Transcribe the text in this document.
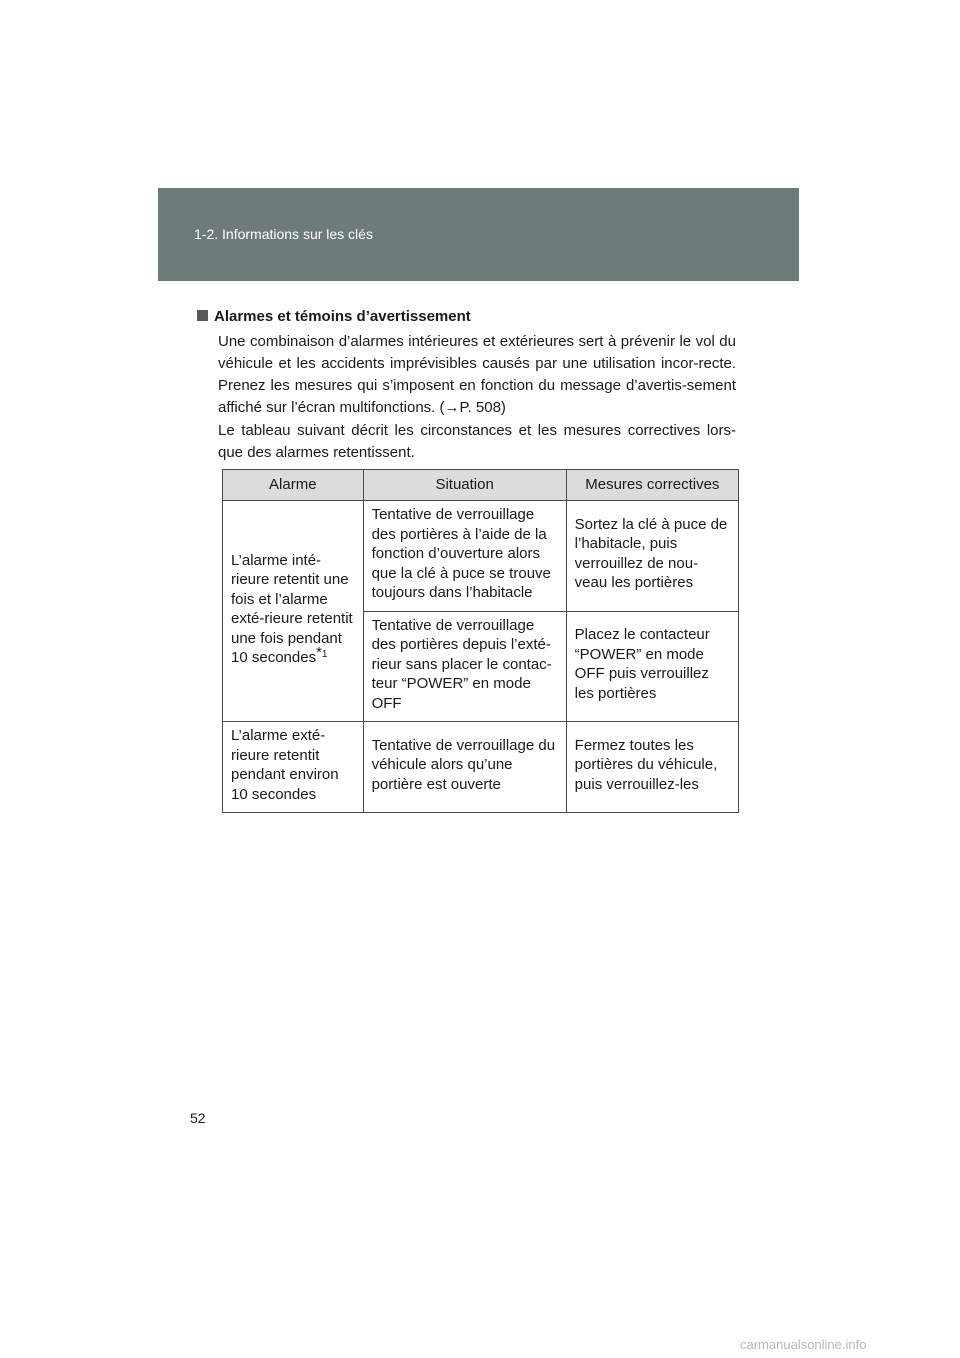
1-2. Informations sur les clés
Alarmes et témoins d’avertissement

Une combinaison d’alarmes intérieures et extérieures sert à prévenir le vol du véhicule et les accidents imprévisibles causés par une utilisation incor-recte. Prenez les mesures qui s’imposent en fonction du message d’avertis-sement affiché sur l’écran multifonctions. (→P. 508)

Le tableau suivant décrit les circonstances et les mesures correctives lors-que des alarmes retentissent.

Alarme	Situation	Mesures correctives
L’alarme inté-rieure retentit une fois et l’alarme exté-rieure retentit une fois pendant 10 secondes*$^1$	Tentative de verrouillage des portières à l’aide de la fonction d’ouverture alors que la clé à puce se trouve toujours dans l’habitacle	Sortez la clé à puce de l’habitacle, puis verrouillez de nou-veau les portières
	Tentative de verrouillage des portières depuis l’exté-rieur sans placer le contac-teur “POWER” en mode OFF	Placez le contacteur “POWER” en mode OFF puis verrouillez les portières
L’alarme exté-rieure retentit pendant environ 10 secondes	Tentative de verrouillage du véhicule alors qu’une portière est ouverte	Fermez toutes les portières du véhicule, puis verrouillez-les
52
carmanualsonline.info
